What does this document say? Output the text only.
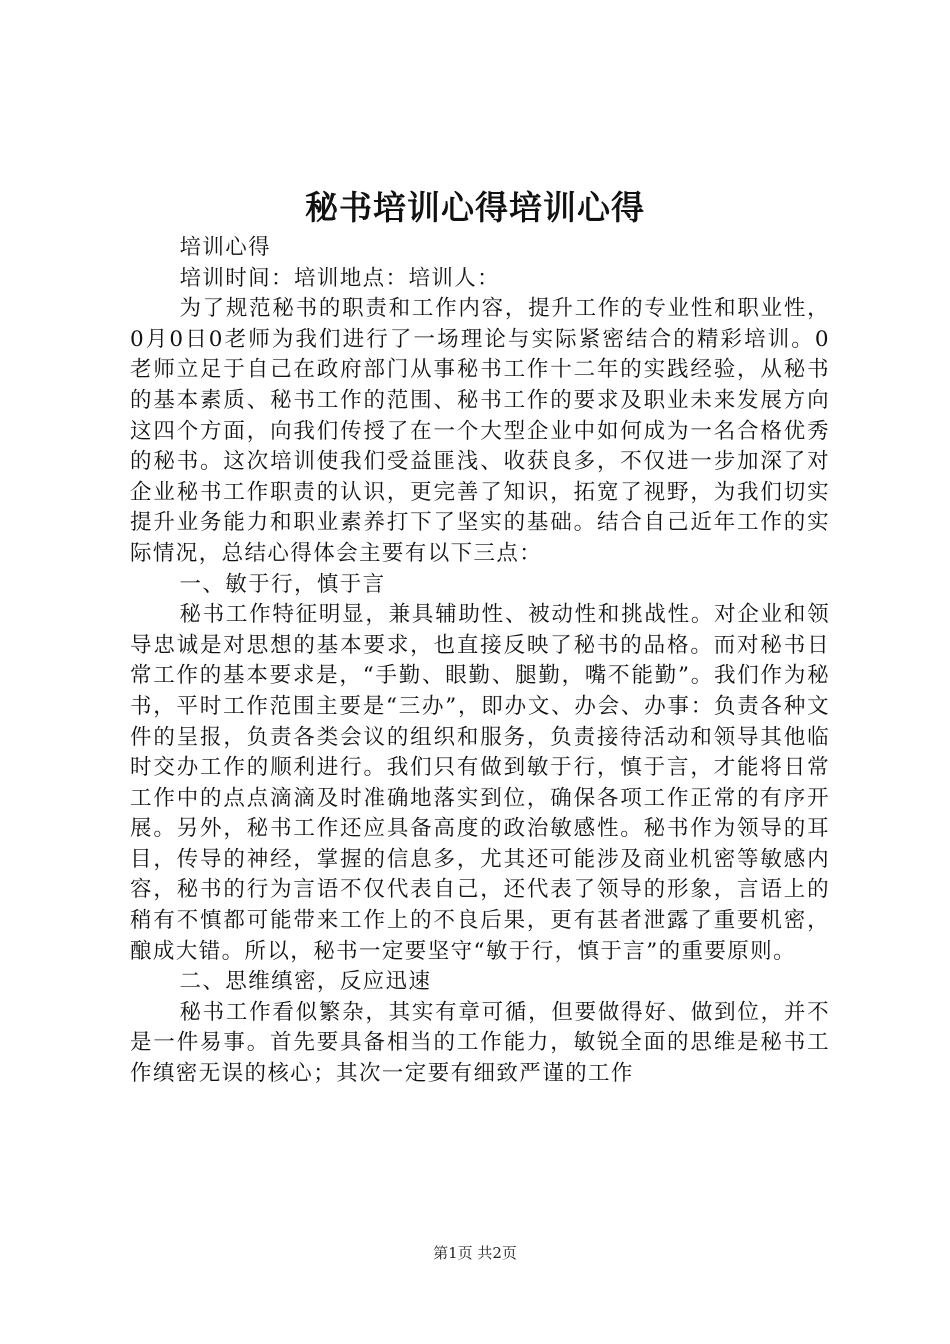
秘书培训心得培训心得

培训心得

培训时间：培训地点：培训人：

为了规范秘书的职责和工作内容，提升工作的专业性和职业性，0月0日0老师为我们进行了一场理论与实际紧密结合的精彩培训。0老师立足于自己在政府部门从事秘书工作十二年的实践经验，从秘书的基本素质、秘书工作的范围、秘书工作的要求及职业未来发展方向这四个方面，向我们传授了在一个大型企业中如何成为一名合格优秀的秘书。这次培训使我们受益匪浅、收获良多，不仅进一步加深了对企业秘书工作职责的认识，更完善了知识，拓宽了视野，为我们切实提升业务能力和职业素养打下了坚实的基础。结合自己近年工作的实际情况，总结心得体会主要有以下三点：

一、敏于行，慎于言

秘书工作特征明显，兼具辅助性、被动性和挑战性。对企业和领导忠诚是对思想的基本要求，也直接反映了秘书的品格。而对秘书日常工作的基本要求是，“手勤、眼勤、腿勤，嘴不能勤”。我们作为秘书，平时工作范围主要是“三办”，即办文、办会、办事：负责各种文件的呈报，负责各类会议的组织和服务，负责接待活动和领导其他临时交办工作的顺利进行。我们只有做到敏于行，慎于言，才能将日常工作中的点点滴滴及时准确地落实到位，确保各项工作正常的有序开展。另外，秘书工作还应具备高度的政治敏感性。秘书作为领导的耳目，传导的神经，掌握的信息多，尤其还可能涉及商业机密等敏感内容，秘书的行为言语不仅代表自己，还代表了领导的形象，言语上的稍有不慎都可能带来工作上的不良后果，更有甚者泄露了重要机密，酿成大错。所以，秘书一定要坚守“敏于行，慎于言”的重要原则。

二、思维缜密，反应迅速

秘书工作看似繁杂，其实有章可循，但要做得好、做到位，并不是一件易事。首先要具备相当的工作能力，敏锐全面的思维是秘书工作缜密无误的核心；其次一定要有细致严谨的工作

第1页 共2页
